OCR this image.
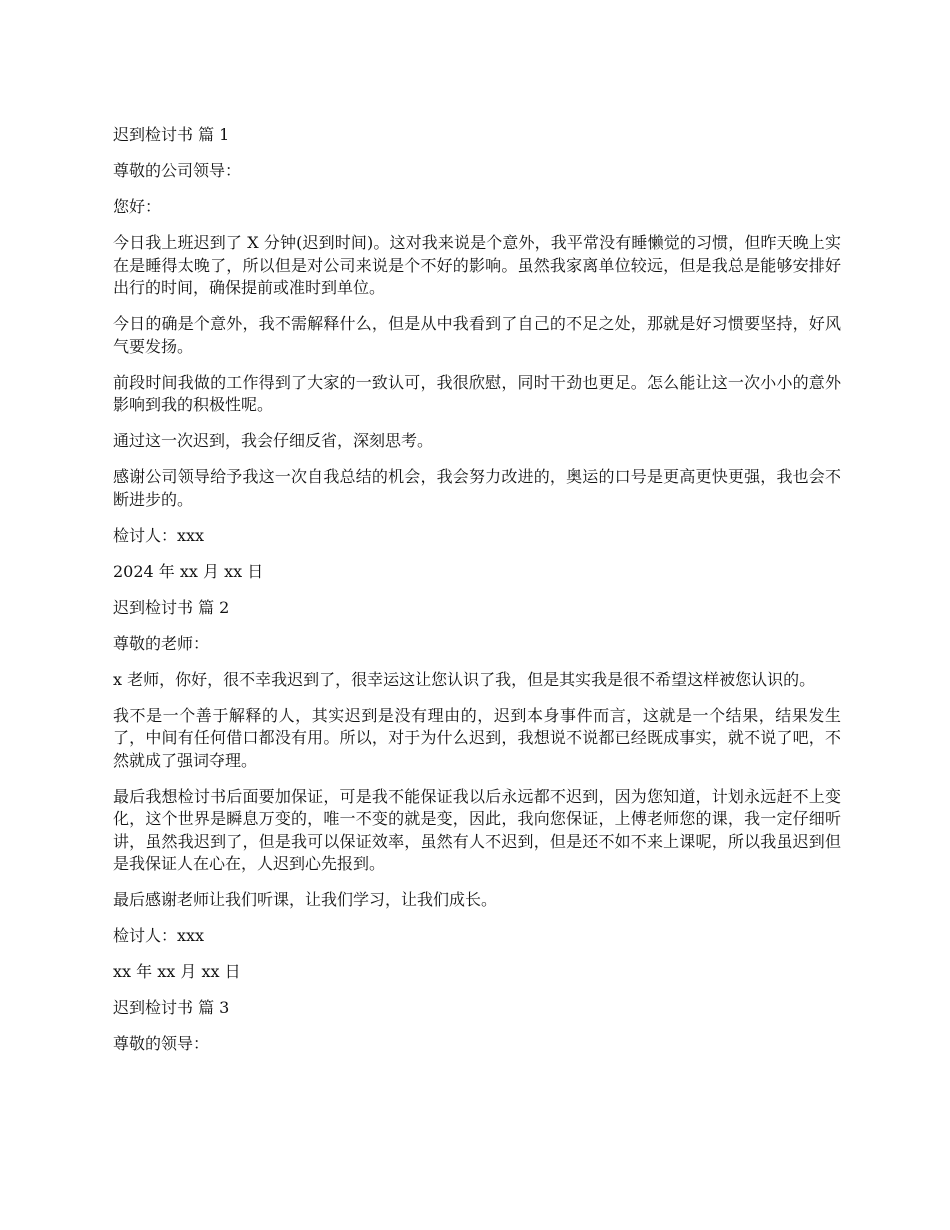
迟到检讨书 篇 1

尊敬的公司领导：

您好：

今日我上班迟到了 X 分钟(迟到时间)。这对我来说是个意外，我平常没有睡懒觉的习惯，但昨天晚上实在是睡得太晚了，所以但是对公司来说是个不好的影响。虽然我家离单位较远，但是我总是能够安排好出行的时间，确保提前或准时到单位。

今日的确是个意外，我不需解释什么，但是从中我看到了自己的不足之处，那就是好习惯要坚持，好风气要发扬。

前段时间我做的工作得到了大家的一致认可，我很欣慰，同时干劲也更足。怎么能让这一次小小的意外影响到我的积极性呢。

通过这一次迟到，我会仔细反省，深刻思考。

感谢公司领导给予我这一次自我总结的机会，我会努力改进的，奥运的口号是更高更快更强，我也会不断进步的。

检讨人：xxx

2024 年 xx 月 xx 日

迟到检讨书 篇 2

尊敬的老师：

x 老师，你好，很不幸我迟到了，很幸运这让您认识了我，但是其实我是很不希望这样被您认识的。

我不是一个善于解释的人，其实迟到是没有理由的，迟到本身事件而言，这就是一个结果，结果发生了，中间有任何借口都没有用。所以，对于为什么迟到，我想说不说都已经既成事实，就不说了吧，不然就成了强词夺理。

最后我想检讨书后面要加保证，可是我不能保证我以后永远都不迟到，因为您知道，计划永远赶不上变化，这个世界是瞬息万变的，唯一不变的就是变，因此，我向您保证，上傅老师您的课，我一定仔细听讲，虽然我迟到了，但是我可以保证效率，虽然有人不迟到，但是还不如不来上课呢，所以我虽迟到但是我保证人在心在，人迟到心先报到。

最后感谢老师让我们听课，让我们学习，让我们成长。

检讨人：xxx

xx 年 xx 月 xx 日

迟到检讨书 篇 3

尊敬的领导：
